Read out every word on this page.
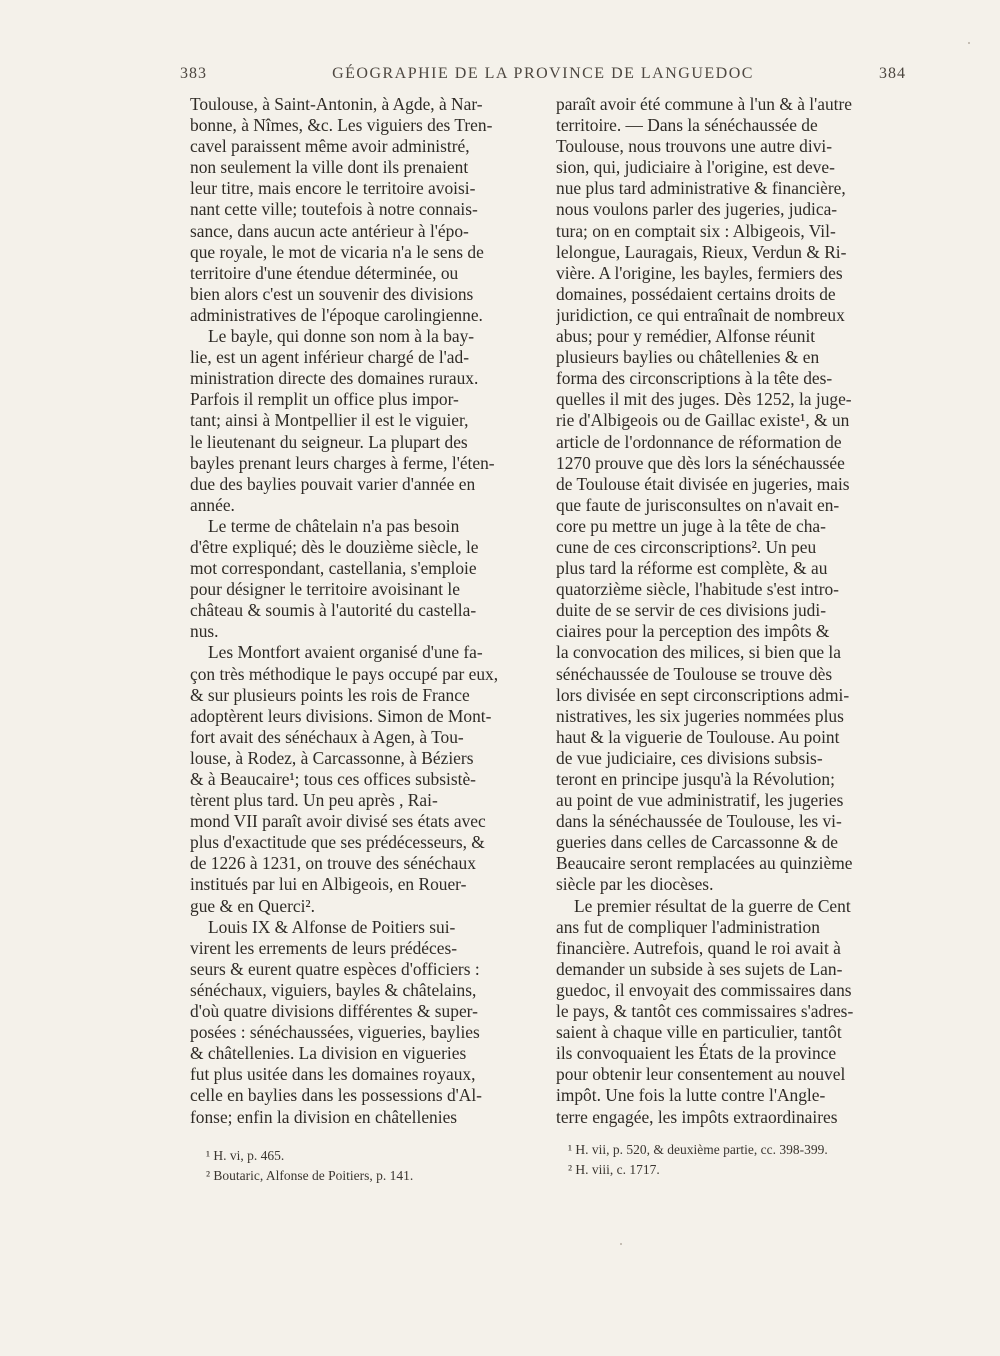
383	GÉOGRAPHIE DE LA PROVINCE DE LANGUEDOC	384
Toulouse, à Saint-Antonin, à Agde, à Nar-
bonne, à Nîmes, &c. Les viguiers des Tren-
cavel paraissent même avoir administré,
non seulement la ville dont ils prenaient
leur titre, mais encore le territoire avoisi-
nant cette ville; toutefois à notre connais-
sance, dans aucun acte antérieur à l'épo-
que royale, le mot de vicaria n'a le sens de
territoire d'une étendue déterminée, ou
bien alors c'est un souvenir des divisions
administratives de l'époque carolingienne.
Le bayle, qui donne son nom à la bay-
lie, est un agent inférieur chargé de l'ad-
ministration directe des domaines ruraux.
Parfois il remplit un office plus impor-
tant; ainsi à Montpellier il est le viguier,
le lieutenant du seigneur. La plupart des
bayles prenant leurs charges à ferme, l'éten-
due des baylies pouvait varier d'année en
année.
Le terme de châtelain n'a pas besoin
d'être expliqué; dès le douzième siècle, le
mot correspondant, castellania, s'emploie
pour désigner le territoire avoisinant le
château & soumis à l'autorité du castella-
nus.
Les Montfort avaient organisé d'une fa-
çon très méthodique le pays occupé par eux,
& sur plusieurs points les rois de France
adoptèrent leurs divisions. Simon de Mont-
fort avait des sénéchaux à Agen, à Tou-
louse, à Rodez, à Carcassonne, à Béziers
& à Beaucaire¹; tous ces offices subsistè-
tèrent plus tard. Un peu après , Rai-
mond VII paraît avoir divisé ses états avec
plus d'exactitude que ses prédécesseurs, &
de 1226 à 1231, on trouve des sénéchaux
institués par lui en Albigeois, en Rouer-
gue & en Querci².
Louis IX & Alfonse de Poitiers sui-
virent les errements de leurs prédéces-
seurs & eurent quatre espèces d'officiers :
sénéchaux, viguiers, bayles & châtelains,
d'où quatre divisions différentes & super-
posées : sénéchaussées, vigueries, baylies
& châtellenies. La division en vigueries
fut plus usitée dans les domaines royaux,
celle en baylies dans les possessions d'Al-
fonse; enfin la division en châtellenies
paraît avoir été commune à l'un & à l'autre
territoire. — Dans la sénéchaussée de
Toulouse, nous trouvons une autre divi-
sion, qui, judiciaire à l'origine, est deve-
nue plus tard administrative & financière,
nous voulons parler des jugeries, judica-
tura; on en comptait six : Albigeois, Vil-
lelongue, Lauragais, Rieux, Verdun & Ri-
vière. A l'origine, les bayles, fermiers des
domaines, possédaient certains droits de
juridiction, ce qui entraînait de nombreux
abus; pour y remédier, Alfonse réunit
plusieurs baylies ou châtellenies & en
forma des circonscriptions à la tête des-
quelles il mit des juges. Dès 1252, la juge-
rie d'Albigeois ou de Gaillac existe¹, & un
article de l'ordonnance de réformation de
1270 prouve que dès lors la sénéchaussée
de Toulouse était divisée en jugeries, mais
que faute de jurisconsultes on n'avait en-
core pu mettre un juge à la tête de cha-
cune de ces circonscriptions². Un peu
plus tard la réforme est complète, & au
quatorzième siècle, l'habitude s'est intro-
duite de se servir de ces divisions judi-
ciaires pour la perception des impôts &
la convocation des milices, si bien que la
sénéchaussée de Toulouse se trouve dès
lors divisée en sept circonscriptions admi-
nistratives, les six jugeries nommées plus
haut & la viguerie de Toulouse. Au point
de vue judiciaire, ces divisions subsis-
teront en principe jusqu'à la Révolution;
au point de vue administratif, les jugeries
dans la sénéchaussée de Toulouse, les vi-
gueries dans celles de Carcassonne & de
Beaucaire seront remplacées au quinzième
siècle par les diocèses.
Le premier résultat de la guerre de Cent
ans fut de compliquer l'administration
financière. Autrefois, quand le roi avait à
demander un subside à ses sujets de Lan-
guedoc, il envoyait des commissaires dans
le pays, & tantôt ces commissaires s'adres-
saient à chaque ville en particulier, tantôt
ils convoquaient les États de la province
pour obtenir leur consentement au nouvel
impôt. Une fois la lutte contre l'Angle-
terre engagée, les impôts extraordinaires
¹ H. vi, p. 465.
² Boutaric, Alfonse de Poitiers, p. 141.
¹ H. vii, p. 520, & deuxième partie, cc. 398-399.
² H. viii, c. 1717.
